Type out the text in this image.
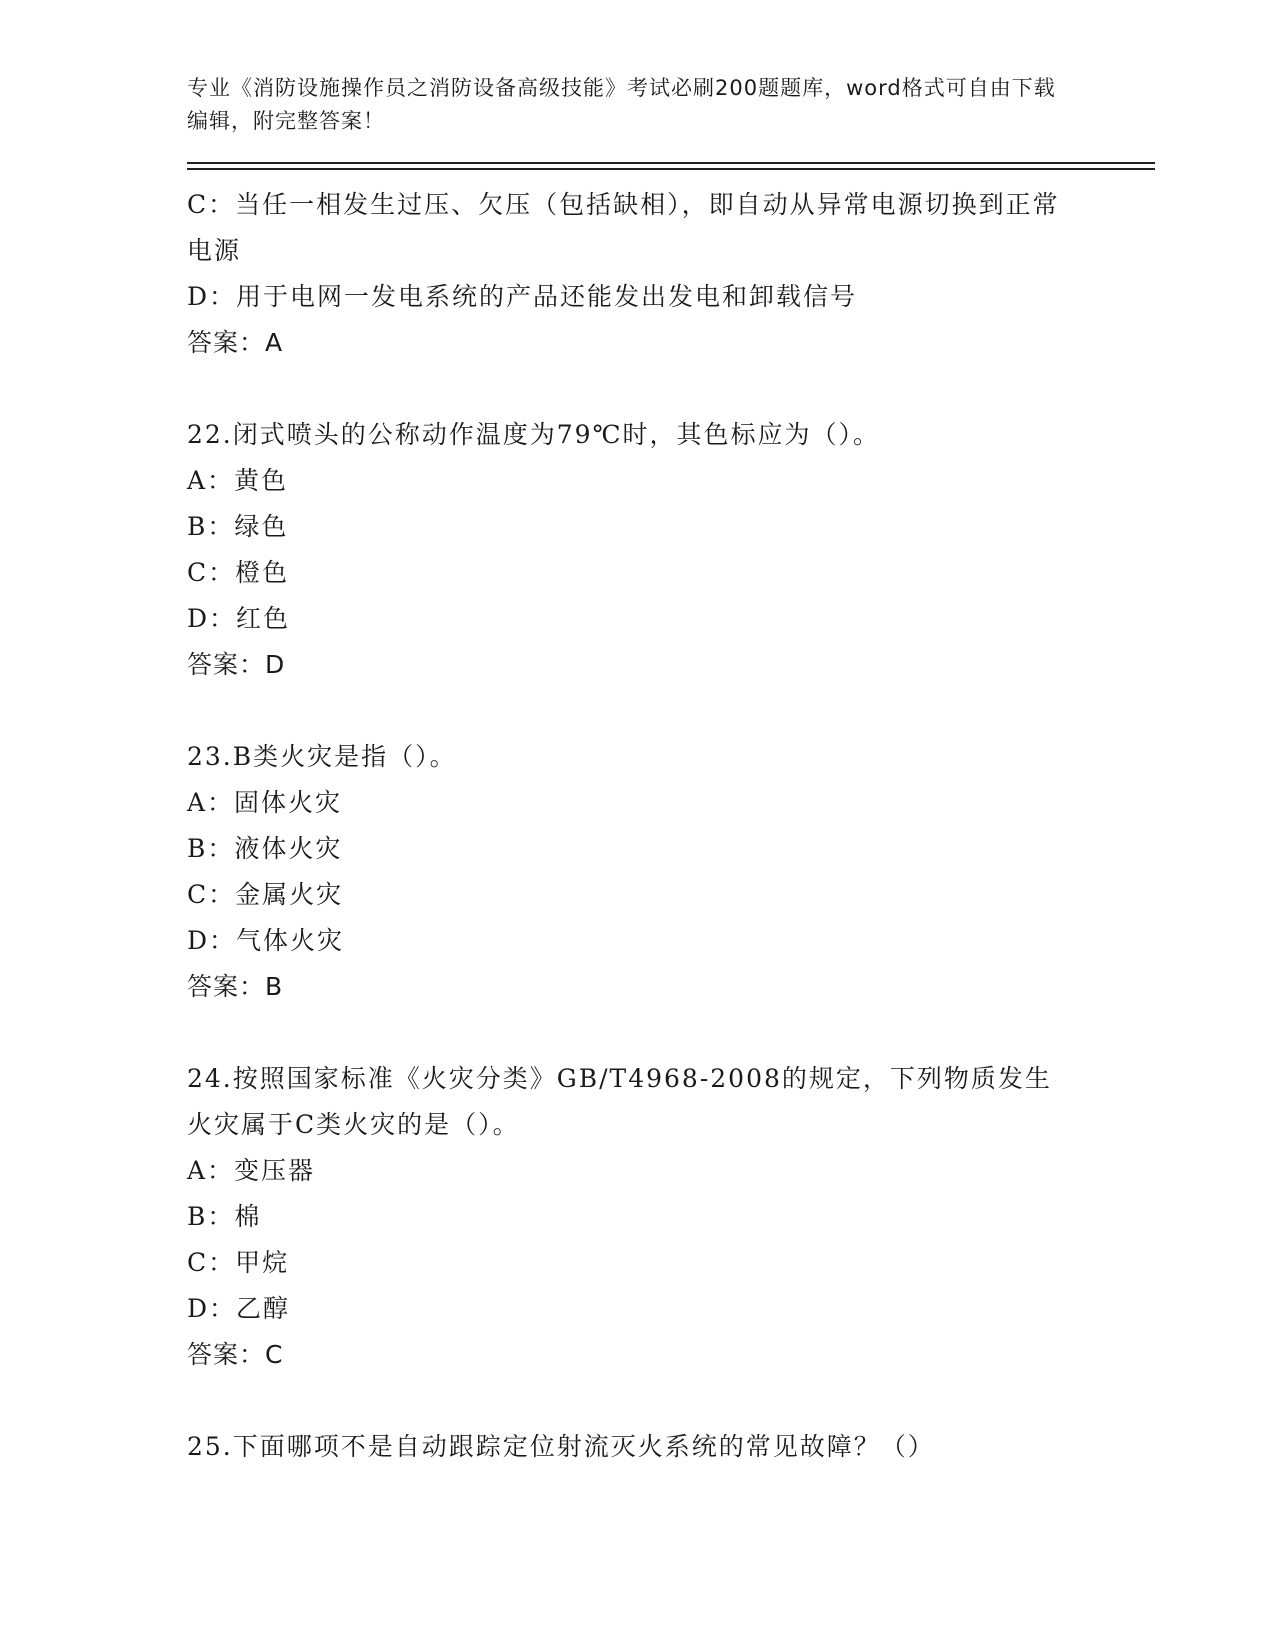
专业《消防设施操作员之消防设备高级技能》考试必刷200题题库，word格式可自由下载编辑，附完整答案！
C：当任一相发生过压、欠压（包括缺相），即自动从异常电源切换到正常电源
D：用于电网一发电系统的产品还能发出发电和卸载信号
答案：A
22.闭式喷头的公称动作温度为79℃时，其色标应为（）。
A：黄色
B：绿色
C：橙色
D：红色
答案：D
23.B类火灾是指（）。
A：固体火灾
B：液体火灾
C：金属火灾
D：气体火灾
答案：B
24.按照国家标准《火灾分类》GB/T4968-2008的规定，下列物质发生火灾属于C类火灾的是（）。
A：变压器
B：棉
C：甲烷
D：乙醇
答案：C
25.下面哪项不是自动跟踪定位射流灭火系统的常见故障？（）
